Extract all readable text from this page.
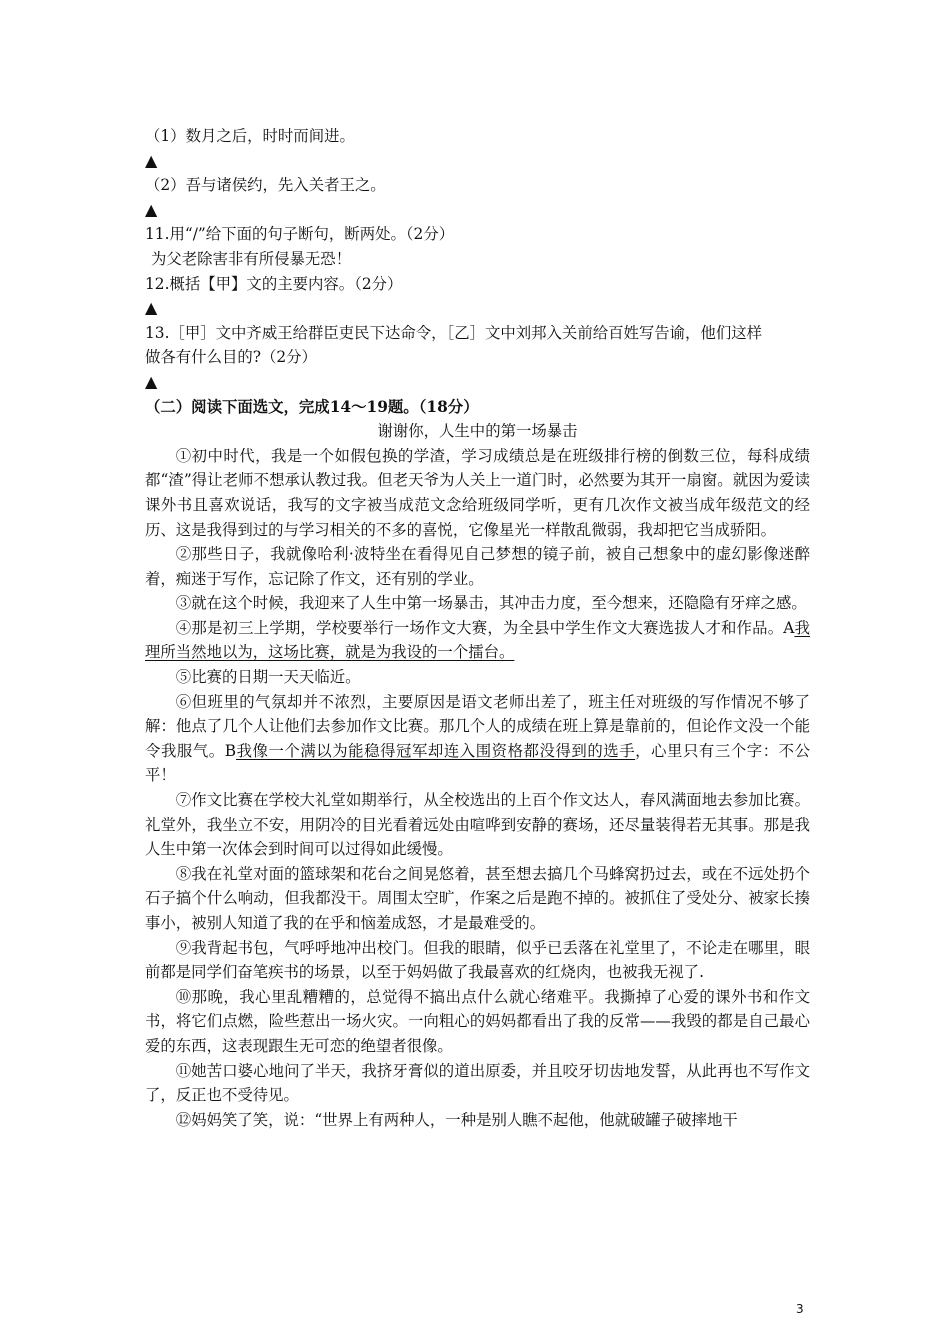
（1）数月之后，时时而间进。
▲
（2）吾与诸侯约，先入关者王之。
▲
11.用“/”给下面的句子断句，断两处。（2分）
为父老除害非有所侵暴无恐！
12.概括【甲】文的主要内容。（2分）
▲
13.［甲］文中齐威王给群臣吏民下达命令，［乙］文中刘邦入关前给百姓写告谕，他们这样
做各有什么目的?（2分）
▲
（二）阅读下面选文，完成14～19题。（18分）
谢谢你，人生中的第一场暴击

①初中时代，我是一个如假包换的学渣，学习成绩总是在班级排行榜的倒数三位，每科成绩都“渣”得让老师不想承认教过我。但老天爷为人关上一道门时，必然要为其开一扇窗。就因为爱读课外书且喜欢说话，我写的文字被当成范文念给班级同学听，更有几次作文被当成年级范文的经历、这是我得到过的与学习相关的不多的喜悦，它像星光一样散乱微弱，我却把它当成骄阳。

②那些日子，我就像哈利·波特坐在看得见自己梦想的镜子前，被自己想象中的虚幻影像迷醉着，痴迷于写作，忘记除了作文，还有别的学业。

③就在这个时候，我迎来了人生中第一场暴击，其冲击力度，至今想来，还隐隐有牙痒之感。

④那是初三上学期，学校要举行一场作文大赛，为全县中学生作文大赛选拔人才和作品。A我理所当然地以为，这场比赛，就是为我设的一个擂台。

⑤比赛的日期一天天临近。

⑥但班里的气氛却并不浓烈，主要原因是语文老师出差了，班主任对班级的写作情况不够了解：他点了几个人让他们去参加作文比赛。那几个人的成绩在班上算是靠前的，但论作文没一个能令我服气。B我像一个满以为能稳得冠军却连入围资格都没得到的选手，心里只有三个字：不公平！

⑦作文比赛在学校大礼堂如期举行，从全校选出的上百个作文达人，春风满面地去参加比赛。礼堂外，我坐立不安，用阴冷的目光看着远处由喧哗到安静的赛场，还尽量装得若无其事。那是我人生中第一次体会到时间可以过得如此缓慢。

⑧我在礼堂对面的篮球架和花台之间晃悠着，甚至想去搞几个马蜂窝扔过去，或在不远处扔个石子搞个什么响动，但我都没干。周围太空旷，作案之后是跑不掉的。被抓住了受处分、被家长揍事小，被别人知道了我的在乎和恼羞成怒，才是最难受的。

⑨我背起书包，气呼呼地冲出校门。但我的眼睛，似乎已丢落在礼堂里了，不论走在哪里，眼前都是同学们奋笔疾书的场景，以至于妈妈做了我最喜欢的红烧肉，也被我无视了.

⑩那晚，我心里乱糟糟的，总觉得不搞出点什么就心绪难平。我撕掉了心爱的课外书和作文书，将它们点燃，险些惹出一场火灾。一向粗心的妈妈都看出了我的反常——我毁的都是自己最心爱的东西，这表现跟生无可恋的绝望者很像。

⑪她苦口婆心地问了半天，我挤牙膏似的道出原委，并且咬牙切齿地发誓，从此再也不写作文了，反正也不受待见。

⑫妈妈笑了笑，说：“世界上有两种人，一种是别人瞧不起他，他就破罐子破摔地干

3
